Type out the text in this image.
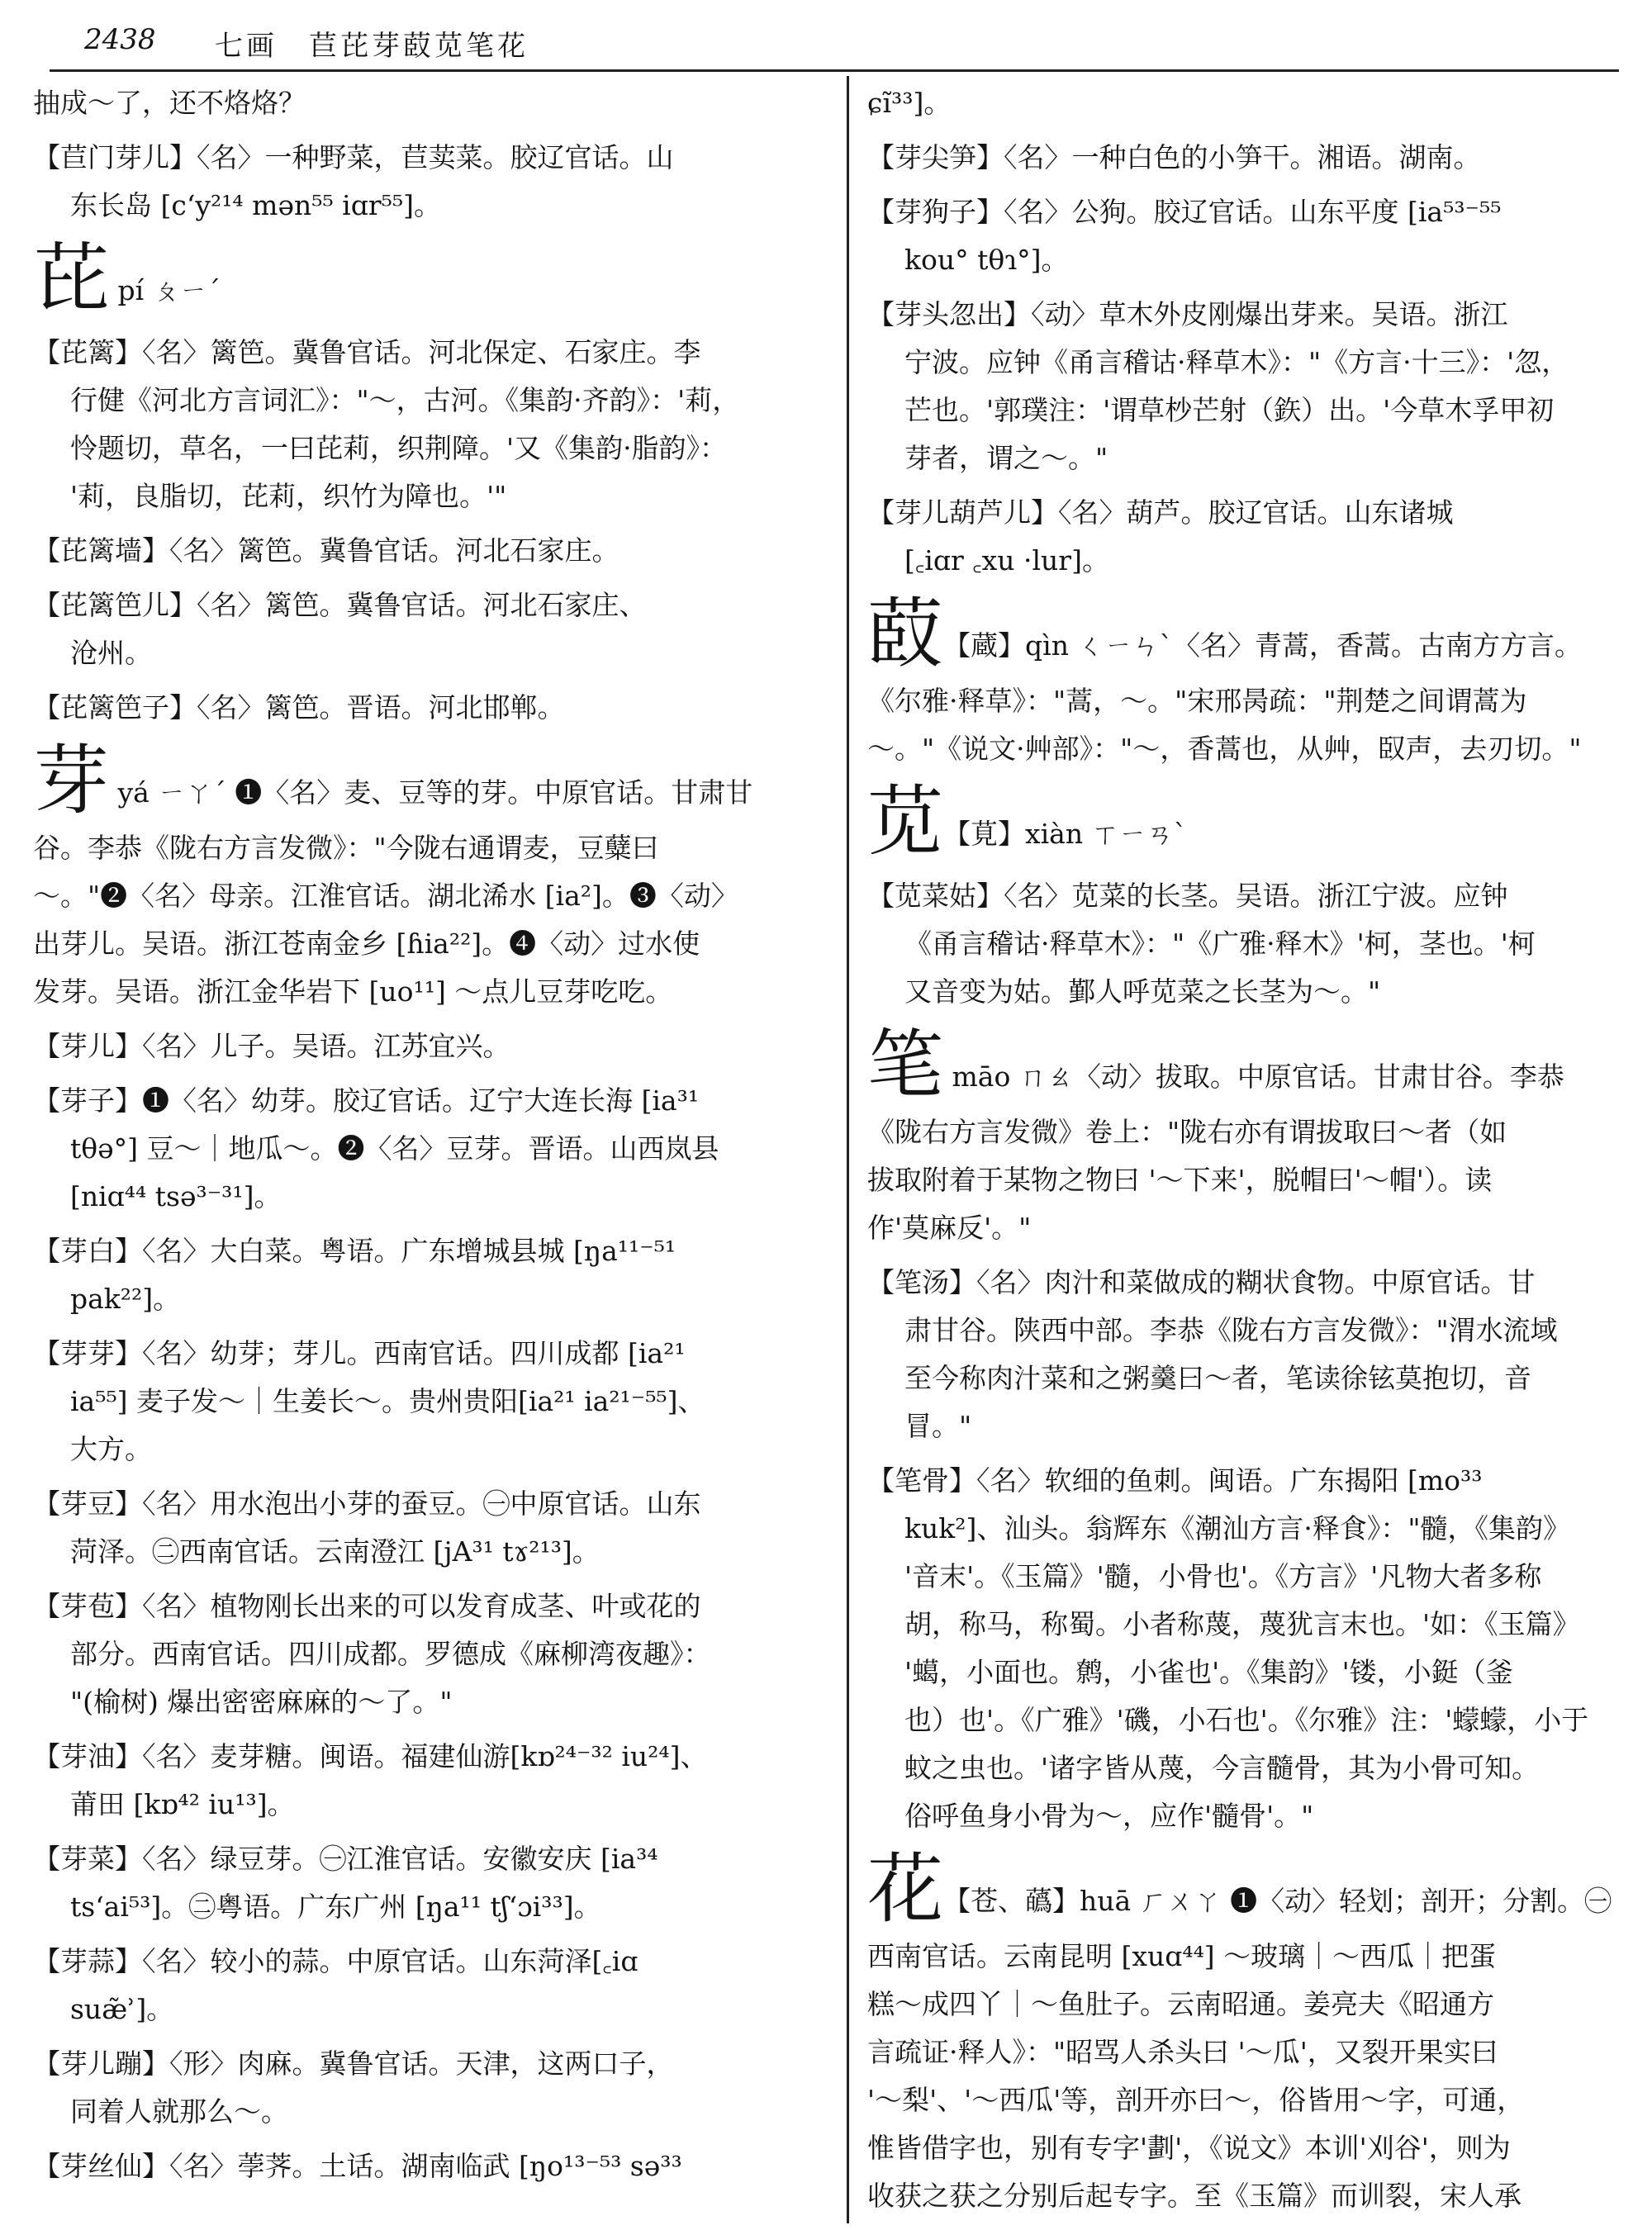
2438 七画　苣芘芽菣苋笔花
抽成～了，还不烙烙？
【苣门芽儿】〈名〉一种野菜，苣荬菜。胶辽官话。山
东长岛 [cʻy²¹⁴ mən⁵⁵ iɑr⁵⁵]。
芘 pí ㄆㄧˊ
【芘篱】〈名〉篱笆。冀鲁官话。河北保定、石家庄。李
行健《河北方言词汇》："～，古河。《集韵·齐韵》：'莉，
怜题切，草名，一曰芘莉，织荆障。'又《集韵·脂韵》：
'莉，良脂切，芘莉，织竹为障也。'"
【芘篱墙】〈名〉篱笆。冀鲁官话。河北石家庄。
【芘篱笆儿】〈名〉篱笆。冀鲁官话。河北石家庄、
沧州。
【芘篱笆子】〈名〉篱笆。晋语。河北邯郸。
芽 yá ㄧㄚˊ ❶〈名〉麦、豆等的芽。中原官话。甘肃甘
谷。李恭《陇右方言发微》："今陇右通谓麦，豆糵曰
～。"❷〈名〉母亲。江淮官话。湖北浠水 [ia²]。❸〈动〉
出芽儿。吴语。浙江苍南金乡 [ɦia²²]。❹〈动〉过水使
发芽。吴语。浙江金华岩下 [uo¹¹] ～点儿豆芽吃吃。
【芽儿】〈名〉儿子。吴语。江苏宜兴。
【芽子】❶〈名〉幼芽。胶辽官话。辽宁大连长海 [ia³¹
tθə°] 豆～｜地瓜～。❷〈名〉豆芽。晋语。山西岚县
[niɑ⁴⁴ tsə³⁻³¹]。
【芽白】〈名〉大白菜。粤语。广东增城县城 [ŋa¹¹⁻⁵¹
pak²²]。
【芽芽】〈名〉幼芽；芽儿。西南官话。四川成都 [ia²¹
ia⁵⁵] 麦子发～｜生姜长～。贵州贵阳[ia²¹ ia²¹⁻⁵⁵]、
大方。
【芽豆】〈名〉用水泡出小芽的蚕豆。㊀中原官话。山东
菏泽。㊁西南官话。云南澄江 [jA³¹ tɤ²¹³]。
【芽苞】〈名〉植物刚长出来的可以发育成茎、叶或花的
部分。西南官话。四川成都。罗德成《麻柳湾夜趣》：
"(榆树) 爆出密密麻麻的～了。"
【芽油】〈名〉麦芽糖。闽语。福建仙游[kɒ²⁴⁻³² iu²⁴]、
莆田 [kɒ⁴² iu¹³]。
【芽菜】〈名〉绿豆芽。㊀江淮官话。安徽安庆 [ia³⁴
tsʻai⁵³]。㊁粤语。广东广州 [ŋa¹¹ tʃʻɔi³³]。
【芽蒜】〈名〉较小的蒜。中原官话。山东菏泽[꜀iɑ
suæ̃ʾ]。
【芽儿蹦】〈形〉肉麻。冀鲁官话。天津，这两口子，
同着人就那么～。
【芽丝仙】〈名〉荸荠。土话。湖南临武 [ŋo¹³⁻⁵³ sə³³
ɕĩ³³]。
【芽尖笋】〈名〉一种白色的小笋干。湘语。湖南。
【芽狗子】〈名〉公狗。胶辽官话。山东平度 [ia⁵³⁻⁵⁵
kou° tθɿ°]。
【芽头忽出】〈动〉草木外皮刚爆出芽来。吴语。浙江
宁波。应钟《甬言稽诂·释草木》："《方言·十三》：'忽，
芒也。'郭璞注：'谓草杪芒射（鉃）出。'今草木孚甲初
芽者，谓之～。"
【芽儿葫芦儿】〈名〉葫芦。胶辽官话。山东诸城
[꜀iɑr ꜀xu ·lur]。
菣【蔵】qìn ㄑㄧㄣˋ〈名〉青蒿，香蒿。古南方方言。
《尔雅·释草》："蒿，～。"宋邢昺疏："荆楚之间谓蒿为
～。"《说文·艸部》："～，香蒿也，从艸，臤声，去刃切。"
苋【莧】xiàn ㄒㄧㄢˋ
【苋菜姑】〈名〉苋菜的长茎。吴语。浙江宁波。应钟
《甬言稽诂·释草木》："《广雅·释木》'柯，茎也。'柯
又音变为姑。鄞人呼苋菜之长茎为～。"
笔 māo ㄇㄠ〈动〉拔取。中原官话。甘肃甘谷。李恭
《陇右方言发微》卷上："陇右亦有谓拔取曰～者（如
拔取附着于某物之物曰 '～下来'，脱帽曰'～帽'）。读
作'莫麻反'。"
【笔汤】〈名〉肉汁和菜做成的糊状食物。中原官话。甘
肃甘谷。陕西中部。李恭《陇右方言发微》："渭水流域
至今称肉汁菜和之粥羹曰～者，笔读徐铉莫抱切，音
冒。"
【笔骨】〈名〉软细的鱼刺。闽语。广东揭阳 [mo³³
kuk²]、汕头。翁辉东《潮汕方言·释食》："髓，《集韵》
'音末'。《玉篇》'髓，小骨也'。《方言》'凡物大者多称
胡，称马，称蜀。小者称蔑，蔑犹言末也。'如：《玉篇》
'䗶，小面也。鹩，小雀也'。《集韵》'镂，小鋌（釜
也）也'。《广雅》'磯，小石也'。《尔雅》注：'蠓蠓，小于
蚊之虫也。'诸字皆从蔑，今言髓骨，其为小骨可知。
俗呼鱼身小骨为～，应作'髓骨'。"
花【苍、蘤】huā ㄏㄨㄚ ❶〈动〉轻划；剖开；分割。㊀
西南官话。云南昆明 [xuɑ⁴⁴] ～玻璃｜～西瓜｜把蛋
糕～成四丫｜～鱼肚子。云南昭通。姜亮夫《昭通方
言疏证·释人》："昭骂人杀头曰 '～瓜'，又裂开果实曰
'～梨'、'～西瓜'等，剖开亦曰～，俗皆用～字，可通，
惟皆借字也，别有专字'劃'，《说文》本训'刈谷'，则为
收获之获之分别后起专字。至《玉篇》而训裂，宋人承
